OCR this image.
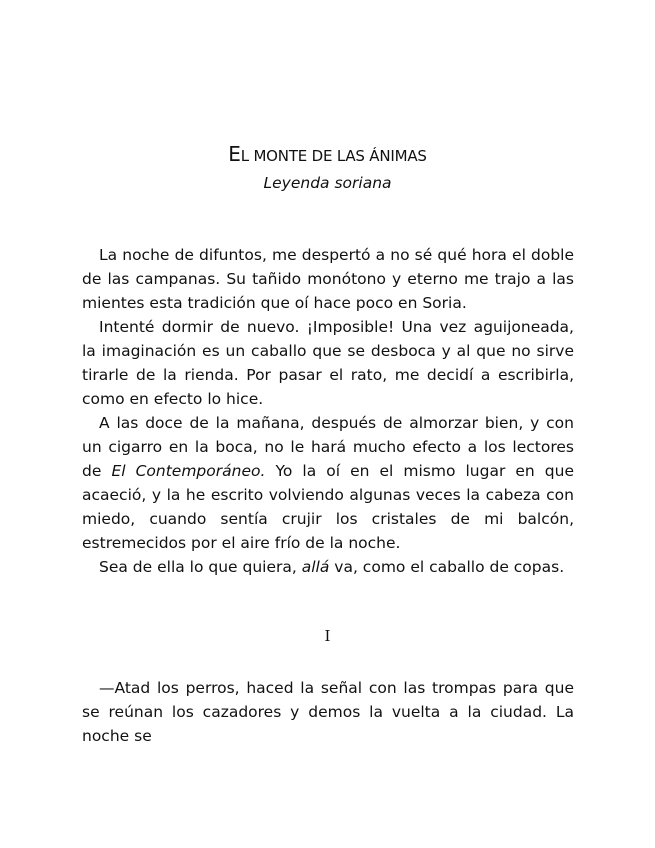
EL MONTE DE LAS ÁNIMAS
Leyenda soriana

La noche de difuntos, me despertó a no sé qué hora el doble de las campanas. Su tañido monótono y eterno me trajo a las mientes esta tradición que oí hace poco en Soria.

Intenté dormir de nuevo. ¡Imposible! Una vez aguijoneada, la imaginación es un caballo que se desboca y al que no sirve tirarle de la rienda. Por pasar el rato, me decidí a escribirla, como en efecto lo hice.

A las doce de la mañana, después de almorzar bien, y con un cigarro en la boca, no le hará mucho efecto a los lectores de El Contemporáneo. Yo la oí en el mismo lugar en que acaeció, y la he escrito volviendo algunas veces la cabeza con miedo, cuando sentía crujir los cristales de mi balcón, estremecidos por el aire frío de la noche.

Sea de ella lo que quiera, allá va, como el caballo de copas.

I

—Atad los perros, haced la señal con las trompas para que se reúnan los cazadores y demos la vuelta a la ciudad. La noche se
